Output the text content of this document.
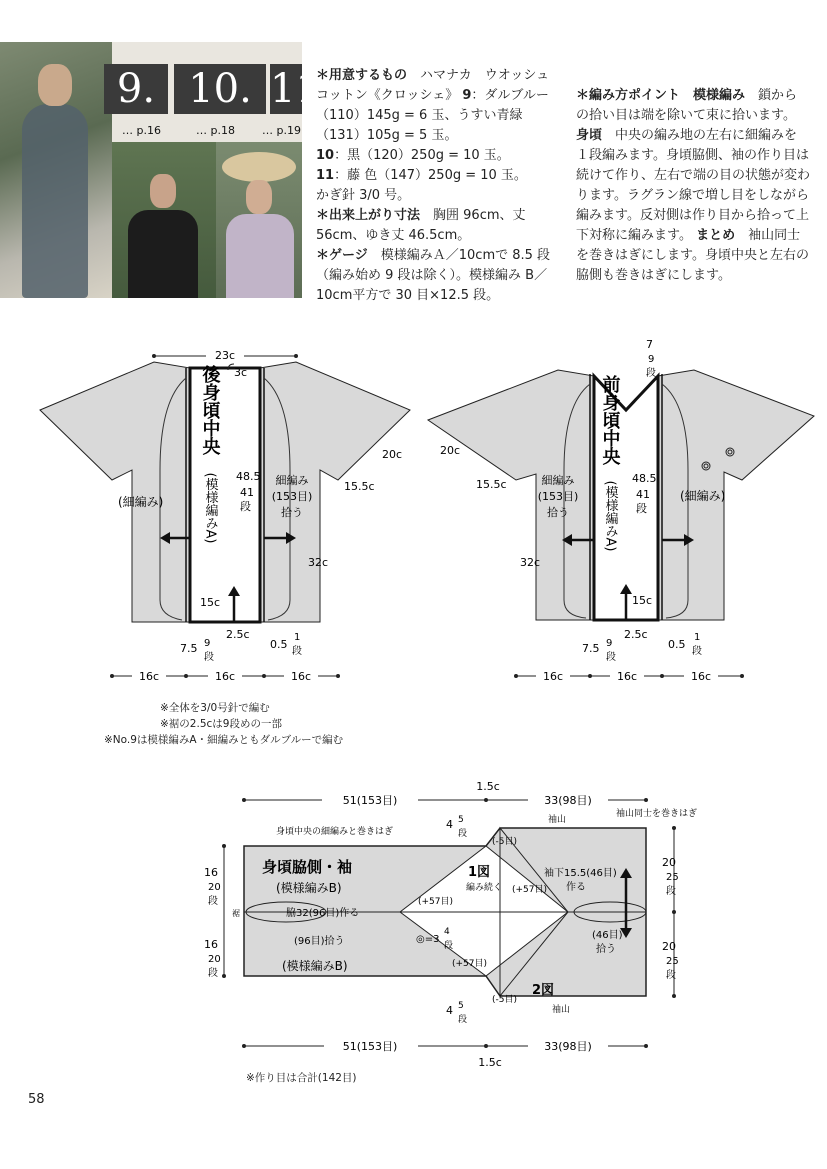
9. 10. 11.
… p.16	… p.18 … p.19

＊用意するもの　 ハマナカ　ウオッシュコットン《クロッシェ》 9：ダルブルー（110）145g = 6 玉、うすい青緑（131）105g = 5 玉。

10：黒（120）250g = 10 玉。

11：藤 色（147）250g = 10 玉。

かぎ針 3/0 号。

＊出来上がり寸法　 胸囲 96cm、丈 56cm、ゆき丈 46.5cm。

＊ゲージ　 模様編みＡ／10cmで 8.5 段（編み始め 9 段は除く）。模様編み B／10cm平方で 30 目×12.5 段。

＊編み方ポイント　模様編み　 鎖からの拾い目は端を除いて束に拾います。

身頃　 中央の編み地の左右に細編みを１段編みます。身頃脇側、袖の作り目は続けて作り、左右で端の目の状態が変わります。ラグラン線で増し目をしながら編みます。反対側は作り目から拾って上下対称に編みます。 まとめ　 袖山同士を巻きはぎにします。身頃中央と左右の脇側も巻きはぎにします。

23c
3c
後身頃中央
(模様編みA) 48.5
41
段
細編み
(153目)
拾う
20c
15.5c
32c
(細編み)
15c
2.5c
7.5 9
段
0.5
1
段
16c	16c	16c
7
9
段
前身頃中央
(模様編みA)
48.5
41
段
細編み
(153目)
拾う
20c
15.5c
32c
(細編み)
15c
2.5c
7.5 9
段
0.5
1
段
16c	16c	16c
※全体を3/0号針で編む
※裾の2.5cは9段めの一部
※No.9は模様編みA・細編みともダルブルーで編む
51(153目)
1.5c
33(98目)
袖山同士を巻きはぎ
身頃中央の細編みと巻きはぎ
袖山
4 5
段
(-5目)
身頃脇側・袖
(模様編みB)
1図
編み続く
(+57目)
(+57目)
(+57目)
袖下15.5(46目)
作る
脇32(96目)作る
裾
(96目)拾う	◎=3
4
段
(46目)
拾う
(模様編みB)
2図
(-5目)
4 5
段
袖山
16
20
段
16
20
段
20
25
段
20
25
段
51(153目)
1.5c
33(98目)
※作り目は合計(142目)
58
